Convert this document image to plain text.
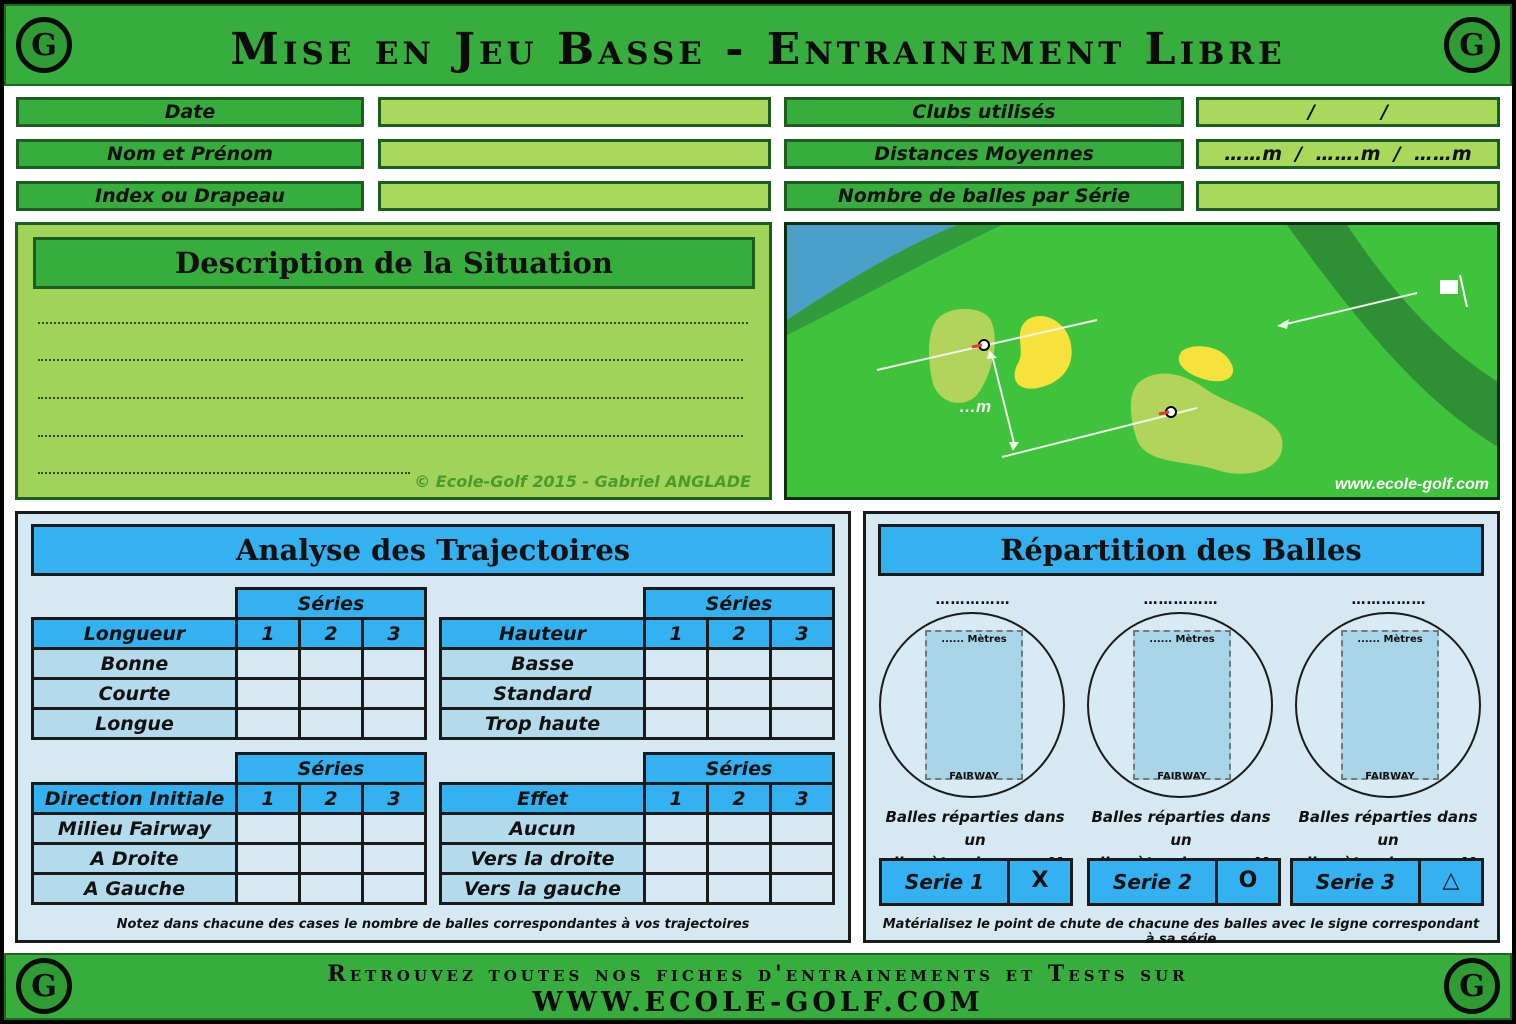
G	Mise en Jeu Basse - Entrainement Libre	G
Date
Nom et Prénom
Index ou Drapeau
Clubs utilisés	/          /
Distances Moyennes	……m  /  …….m  /  ……m
Nombre de balles par Série
Description de la Situation
© Ecole-Golf 2015 - Gabriel ANGLADE
…m
www.ecole-golf.com
Analyse des Trajectoires
	Séries		
Longueur	1	2	3
Bonne			
Courte			
Longue			
	Séries		
Hauteur	1	2	3
Basse			
Standard			
Trop haute			
	Séries		
Direction Initiale	1	2	3
Milieu Fairway			
A Droite			
A Gauche			
	Séries		
Effet	1	2	3
Aucun			
Vers la droite			
Vers la gauche			
Notez dans chacune des cases le nombre de balles correspondantes à vos trajectoires
Répartition des Balles
……………	……………	……………
...... Mètres
FAIRWAY
...... Mètres
FAIRWAY
...... Mètres
FAIRWAY
Balles réparties dans un
Balles réparties dans un
Balles réparties dans un
Serie 1	X	Serie 2	O	Serie 3	△
Matérialisez le point de chute de chacune des balles avec le signe correspondant à sa série
G	Retrouvez toutes nos fiches d'entrainements et Tests sur
WWW.ECOLE-GOLF.COM	G
